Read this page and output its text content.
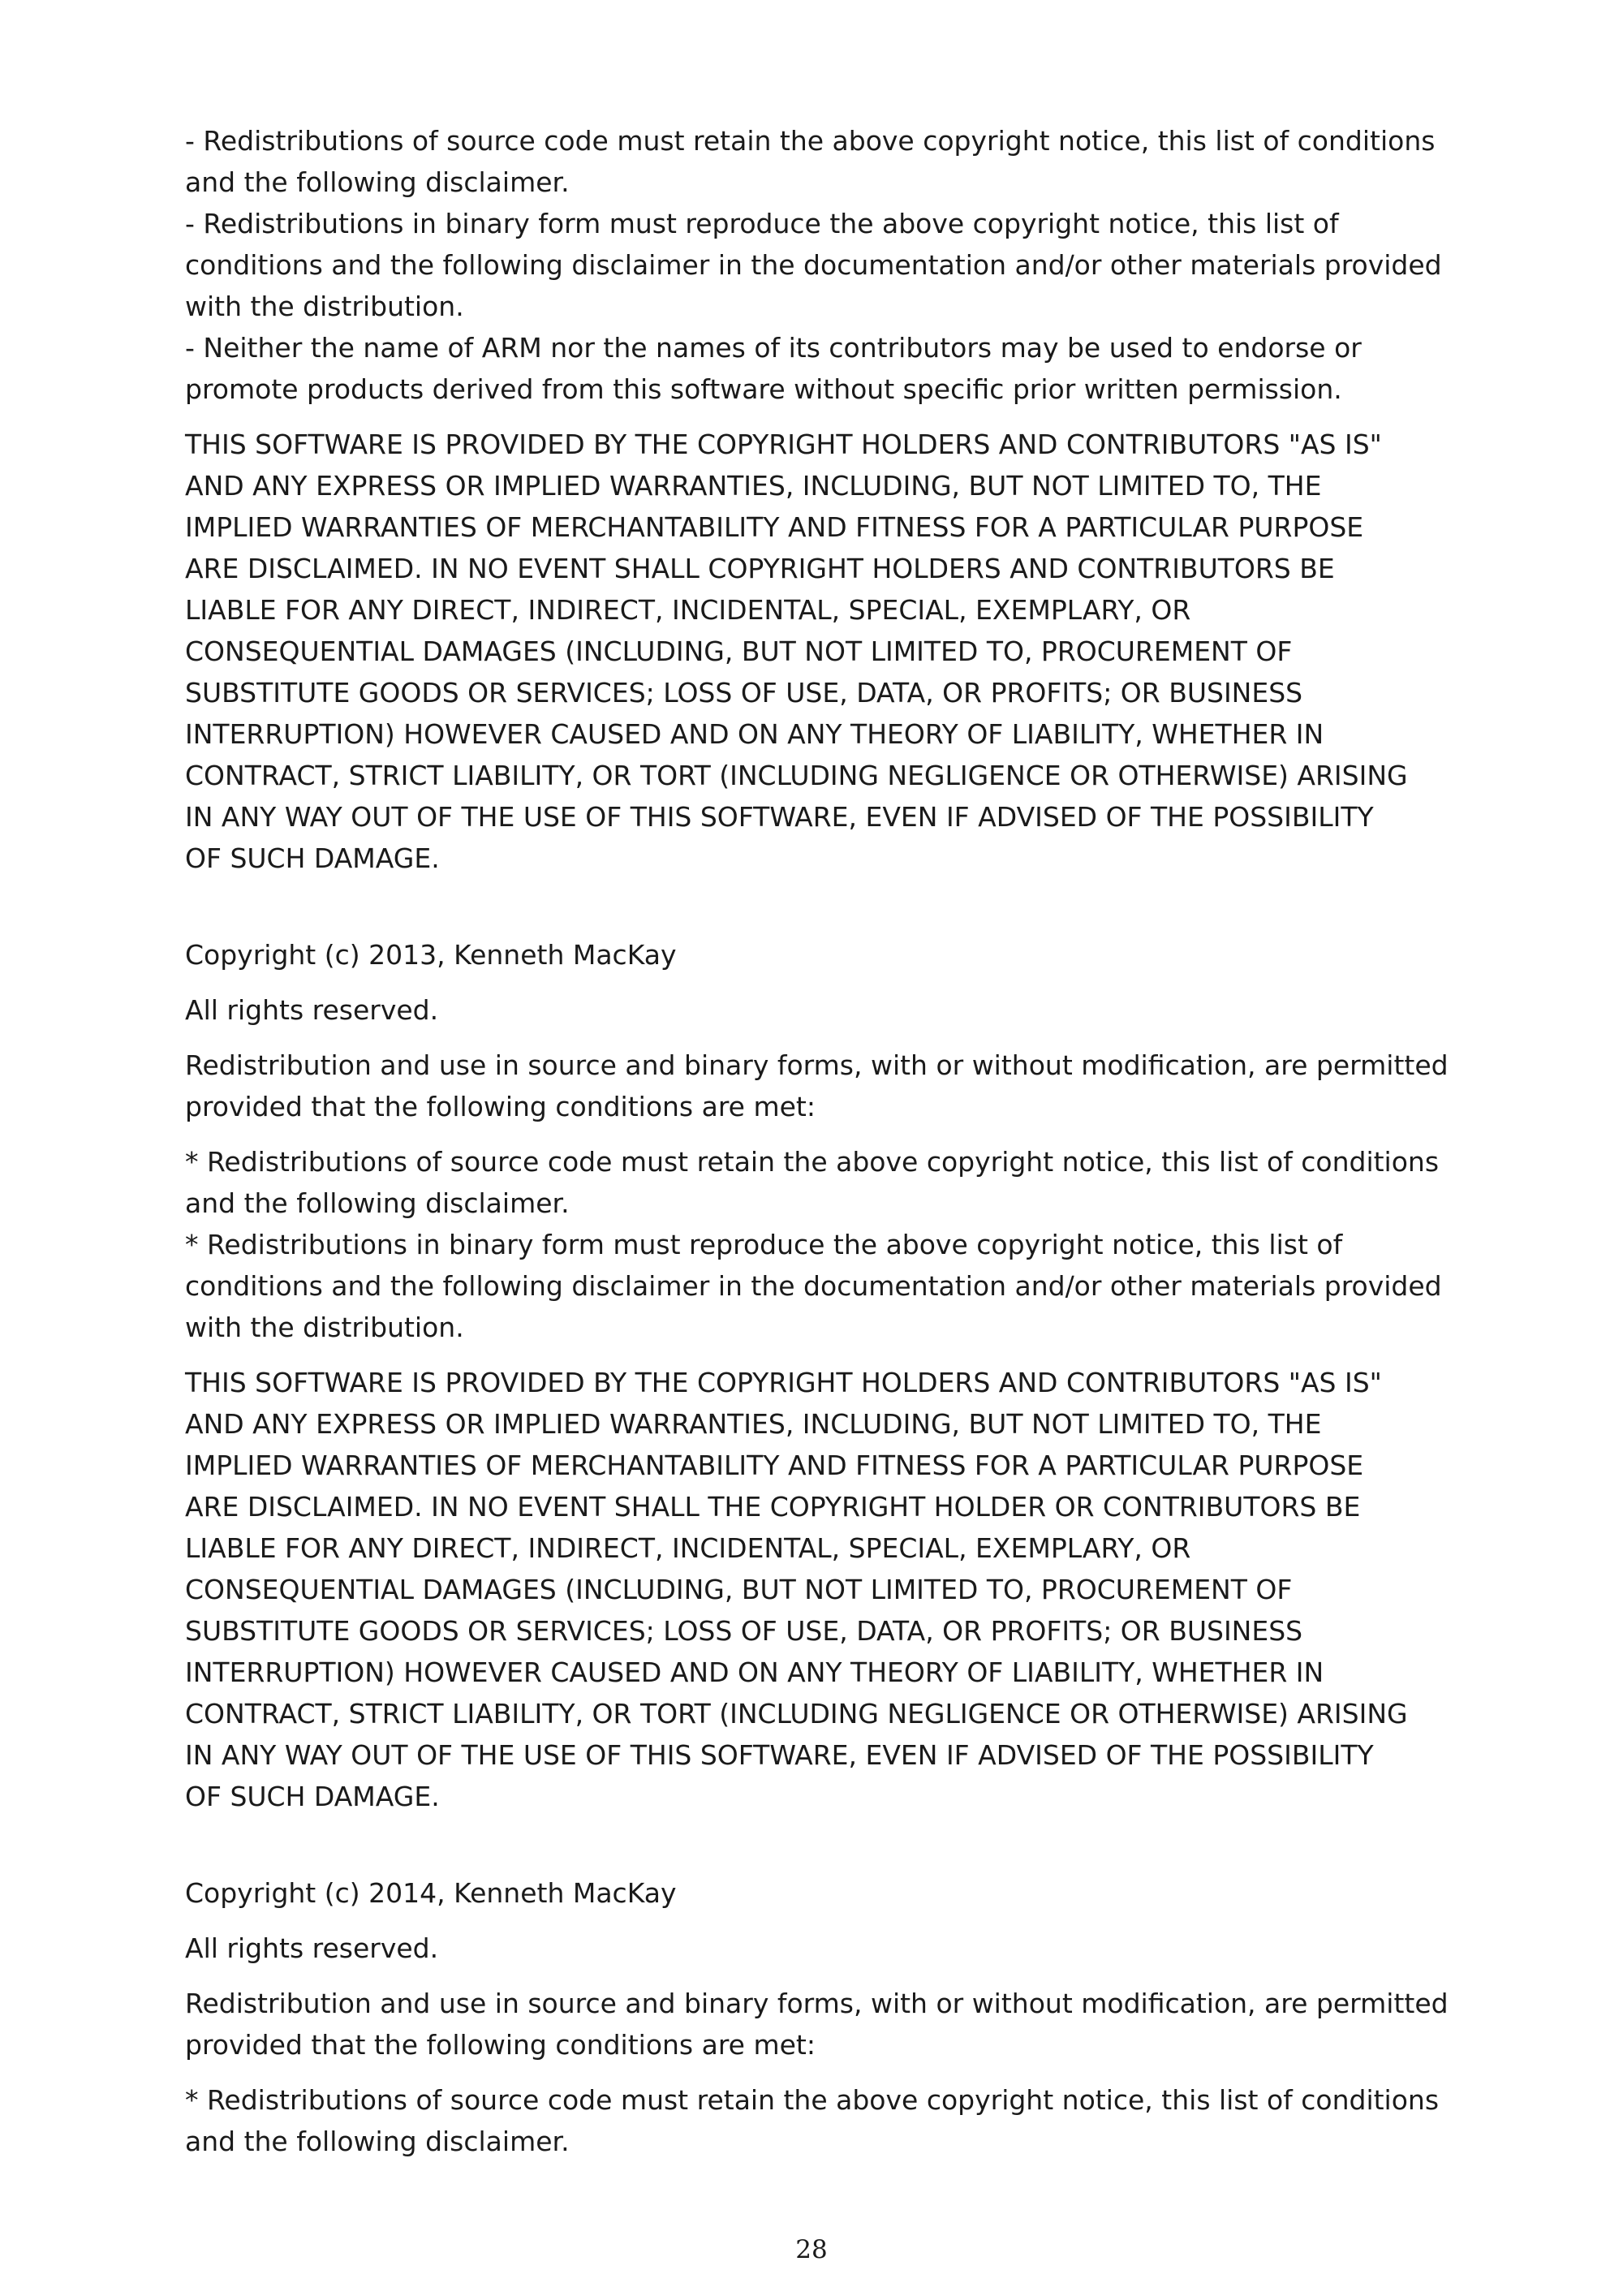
- Redistributions of source code must retain the above copyright notice, this list of conditions
and the following disclaimer.
- Redistributions in binary form must reproduce the above copyright notice, this list of
conditions and the following disclaimer in the documentation and/or other materials provided
with the distribution.
- Neither the name of ARM nor the names of its contributors may be used to endorse or
promote products derived from this software without specific prior written permission.

THIS SOFTWARE IS PROVIDED BY THE COPYRIGHT HOLDERS AND CONTRIBUTORS "AS IS"
AND ANY EXPRESS OR IMPLIED WARRANTIES, INCLUDING, BUT NOT LIMITED TO, THE
IMPLIED WARRANTIES OF MERCHANTABILITY AND FITNESS FOR A PARTICULAR PURPOSE
ARE DISCLAIMED. IN NO EVENT SHALL COPYRIGHT HOLDERS AND CONTRIBUTORS BE
LIABLE FOR ANY DIRECT, INDIRECT, INCIDENTAL, SPECIAL, EXEMPLARY, OR
CONSEQUENTIAL DAMAGES (INCLUDING, BUT NOT LIMITED TO, PROCUREMENT OF
SUBSTITUTE GOODS OR SERVICES; LOSS OF USE, DATA, OR PROFITS; OR BUSINESS
INTERRUPTION) HOWEVER CAUSED AND ON ANY THEORY OF LIABILITY, WHETHER IN
CONTRACT, STRICT LIABILITY, OR TORT (INCLUDING NEGLIGENCE OR OTHERWISE) ARISING
IN ANY WAY OUT OF THE USE OF THIS SOFTWARE, EVEN IF ADVISED OF THE POSSIBILITY
OF SUCH DAMAGE.

Copyright (c) 2013, Kenneth MacKay

All rights reserved.

Redistribution and use in source and binary forms, with or without modification, are permitted
provided that the following conditions are met:

* Redistributions of source code must retain the above copyright notice, this list of conditions
and the following disclaimer.
* Redistributions in binary form must reproduce the above copyright notice, this list of
conditions and the following disclaimer in the documentation and/or other materials provided
with the distribution.

THIS SOFTWARE IS PROVIDED BY THE COPYRIGHT HOLDERS AND CONTRIBUTORS "AS IS"
AND ANY EXPRESS OR IMPLIED WARRANTIES, INCLUDING, BUT NOT LIMITED TO, THE
IMPLIED WARRANTIES OF MERCHANTABILITY AND FITNESS FOR A PARTICULAR PURPOSE
ARE DISCLAIMED. IN NO EVENT SHALL THE COPYRIGHT HOLDER OR CONTRIBUTORS BE
LIABLE FOR ANY DIRECT, INDIRECT, INCIDENTAL, SPECIAL, EXEMPLARY, OR
CONSEQUENTIAL DAMAGES (INCLUDING, BUT NOT LIMITED TO, PROCUREMENT OF
SUBSTITUTE GOODS OR SERVICES; LOSS OF USE, DATA, OR PROFITS; OR BUSINESS
INTERRUPTION) HOWEVER CAUSED AND ON ANY THEORY OF LIABILITY, WHETHER IN
CONTRACT, STRICT LIABILITY, OR TORT (INCLUDING NEGLIGENCE OR OTHERWISE) ARISING
IN ANY WAY OUT OF THE USE OF THIS SOFTWARE, EVEN IF ADVISED OF THE POSSIBILITY
OF SUCH DAMAGE.

Copyright (c) 2014, Kenneth MacKay

All rights reserved.

Redistribution and use in source and binary forms, with or without modification, are permitted
provided that the following conditions are met:

* Redistributions of source code must retain the above copyright notice, this list of conditions
and the following disclaimer.

28
